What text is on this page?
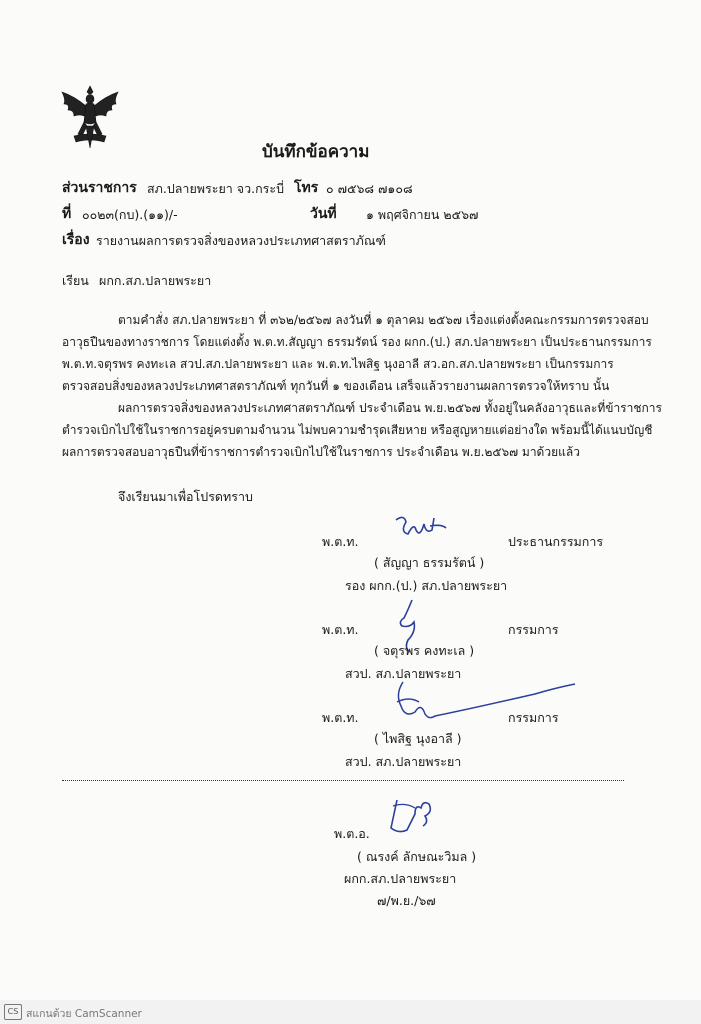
บันทึกข้อความ
ส่วนราชการ สภ.ปลายพระยา จว.กระบี่ โทร ๐ ๗๕๖๘ ๗๑๐๘
ที่ ๐๐๒๓(กบ).(๑๑)/-	วันที่ ๑ พฤศจิกายน ๒๕๖๗
เรื่อง รายงานผลการตรวจสิ่งของหลวงประเภทศาสตราภัณฑ์
เรียน ผกก.สภ.ปลายพระยา
ตามคำสั่ง สภ.ปลายพระยา ที่ ๓๖๒/๒๕๖๗ ลงวันที่ ๑ ตุลาคม ๒๕๖๗ เรื่องแต่งตั้งคณะกรรมการตรวจสอบ
อาวุธปืนของทางราชการ โดยแต่งตั้ง พ.ต.ท.สัญญา ธรรมรัตน์ รอง ผกก.(ป.) สภ.ปลายพระยา เป็นประธานกรรมการ
พ.ต.ท.จตุรพร คงทะเล สวป.สภ.ปลายพระยา และ พ.ต.ท.ไพสิฐ นุงอาลี สว.อก.สภ.ปลายพระยา เป็นกรรมการ
ตรวจสอบสิ่งของหลวงประเภทศาสตราภัณฑ์ ทุกวันที่ ๑ ของเดือน เสร็จแล้วรายงานผลการตรวจให้ทราบ นั้น
ผลการตรวจสิ่งของหลวงประเภทศาสตราภัณฑ์ ประจำเดือน พ.ย.๒๕๖๗ ทั้งอยู่ในคลังอาวุธและที่ข้าราชการ
ตำรวจเบิกไปใช้ในราชการอยู่ครบตามจำนวน ไม่พบความชำรุดเสียหาย หรือสูญหายแต่อย่างใด พร้อมนี้ได้แนบบัญชี
ผลการตรวจสอบอาวุธปืนที่ข้าราชการตำรวจเบิกไปใช้ในราชการ ประจำเดือน พ.ย.๒๕๖๗ มาด้วยแล้ว
จึงเรียนมาเพื่อโปรดทราบ
พ.ต.ท.	ประธานกรรมการ
( สัญญา ธรรมรัตน์ )
รอง ผกก.(ป.) สภ.ปลายพระยา
พ.ต.ท.	กรรมการ
( จตุรพร คงทะเล )
สวป. สภ.ปลายพระยา
พ.ต.ท.	กรรมการ
( ไพสิฐ นุงอาลี )
สวป. สภ.ปลายพระยา
พ.ต.อ.
( ณรงค์ ลักษณะวิมล )
ผกก.สภ.ปลายพระยา
๗/พ.ย./๖๗
CS สแกนด้วย CamScanner
